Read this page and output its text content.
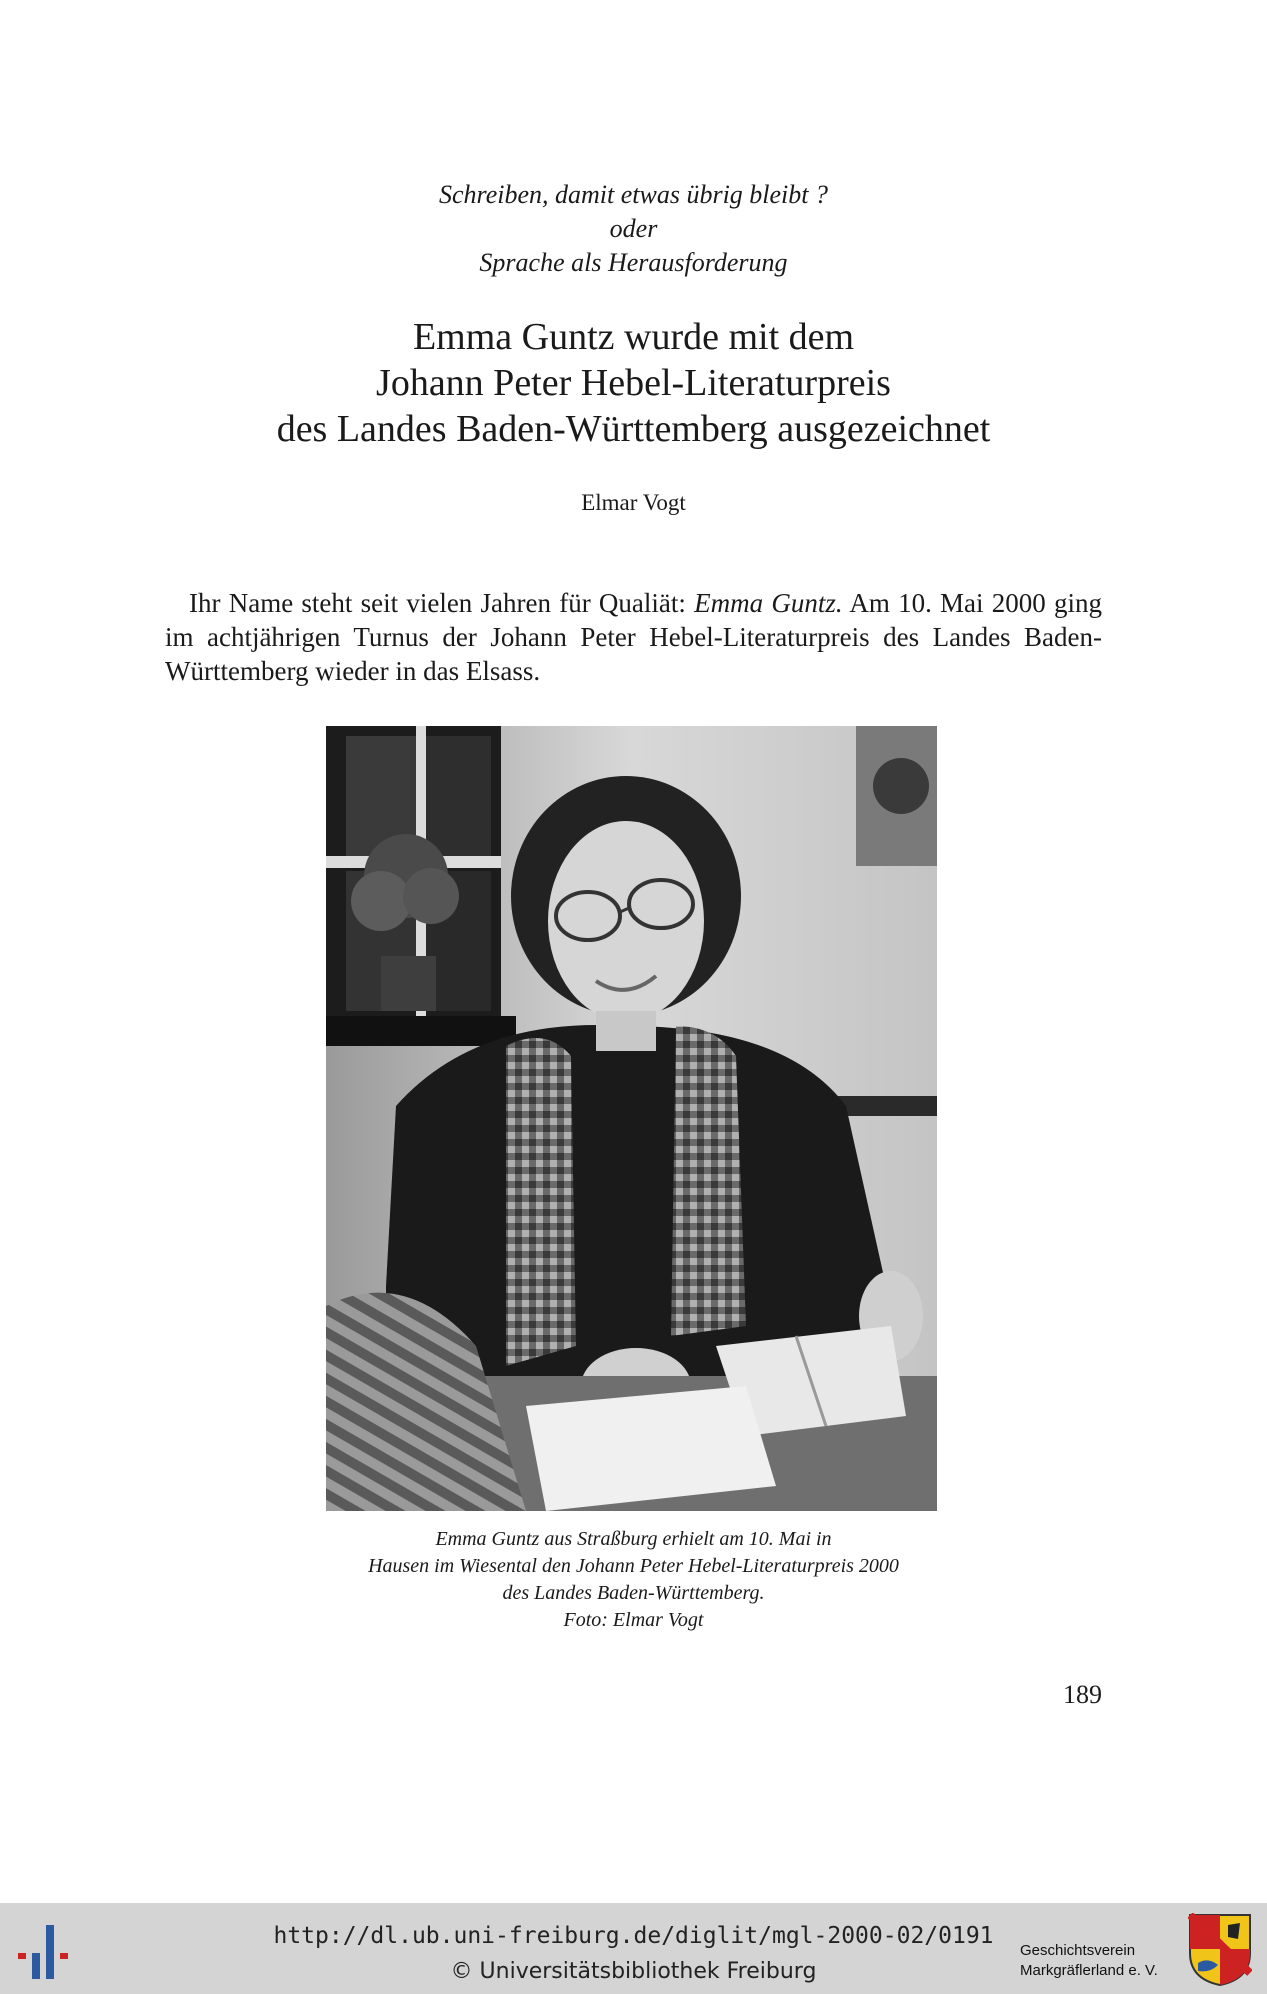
Schreiben, damit etwas übrig bleibt ?
oder
Sprache als Herausforderung
Emma Guntz wurde mit dem
Johann Peter Hebel-Literaturpreis
des Landes Baden-Württemberg ausgezeichnet
Elmar Vogt

Ihr Name steht seit vielen Jahren für Qualiät: Emma Guntz. Am 10. Mai 2000 ging im achtjährigen Turnus der Johann Peter Hebel-Literaturpreis des Landes Baden-Württemberg wieder in das Elsass.

Emma Guntz aus Straßburg erhielt am 10. Mai in
Hausen im Wiesental den Johann Peter Hebel-Literaturpreis 2000
des Landes Baden-Württemberg.
Foto: Elmar Vogt
189
http://dl.ub.uni-freiburg.de/diglit/mgl-2000-02/0191
© Universitätsbibliothek Freiburg
Geschichtsverein
Markgräflerland e. V.
